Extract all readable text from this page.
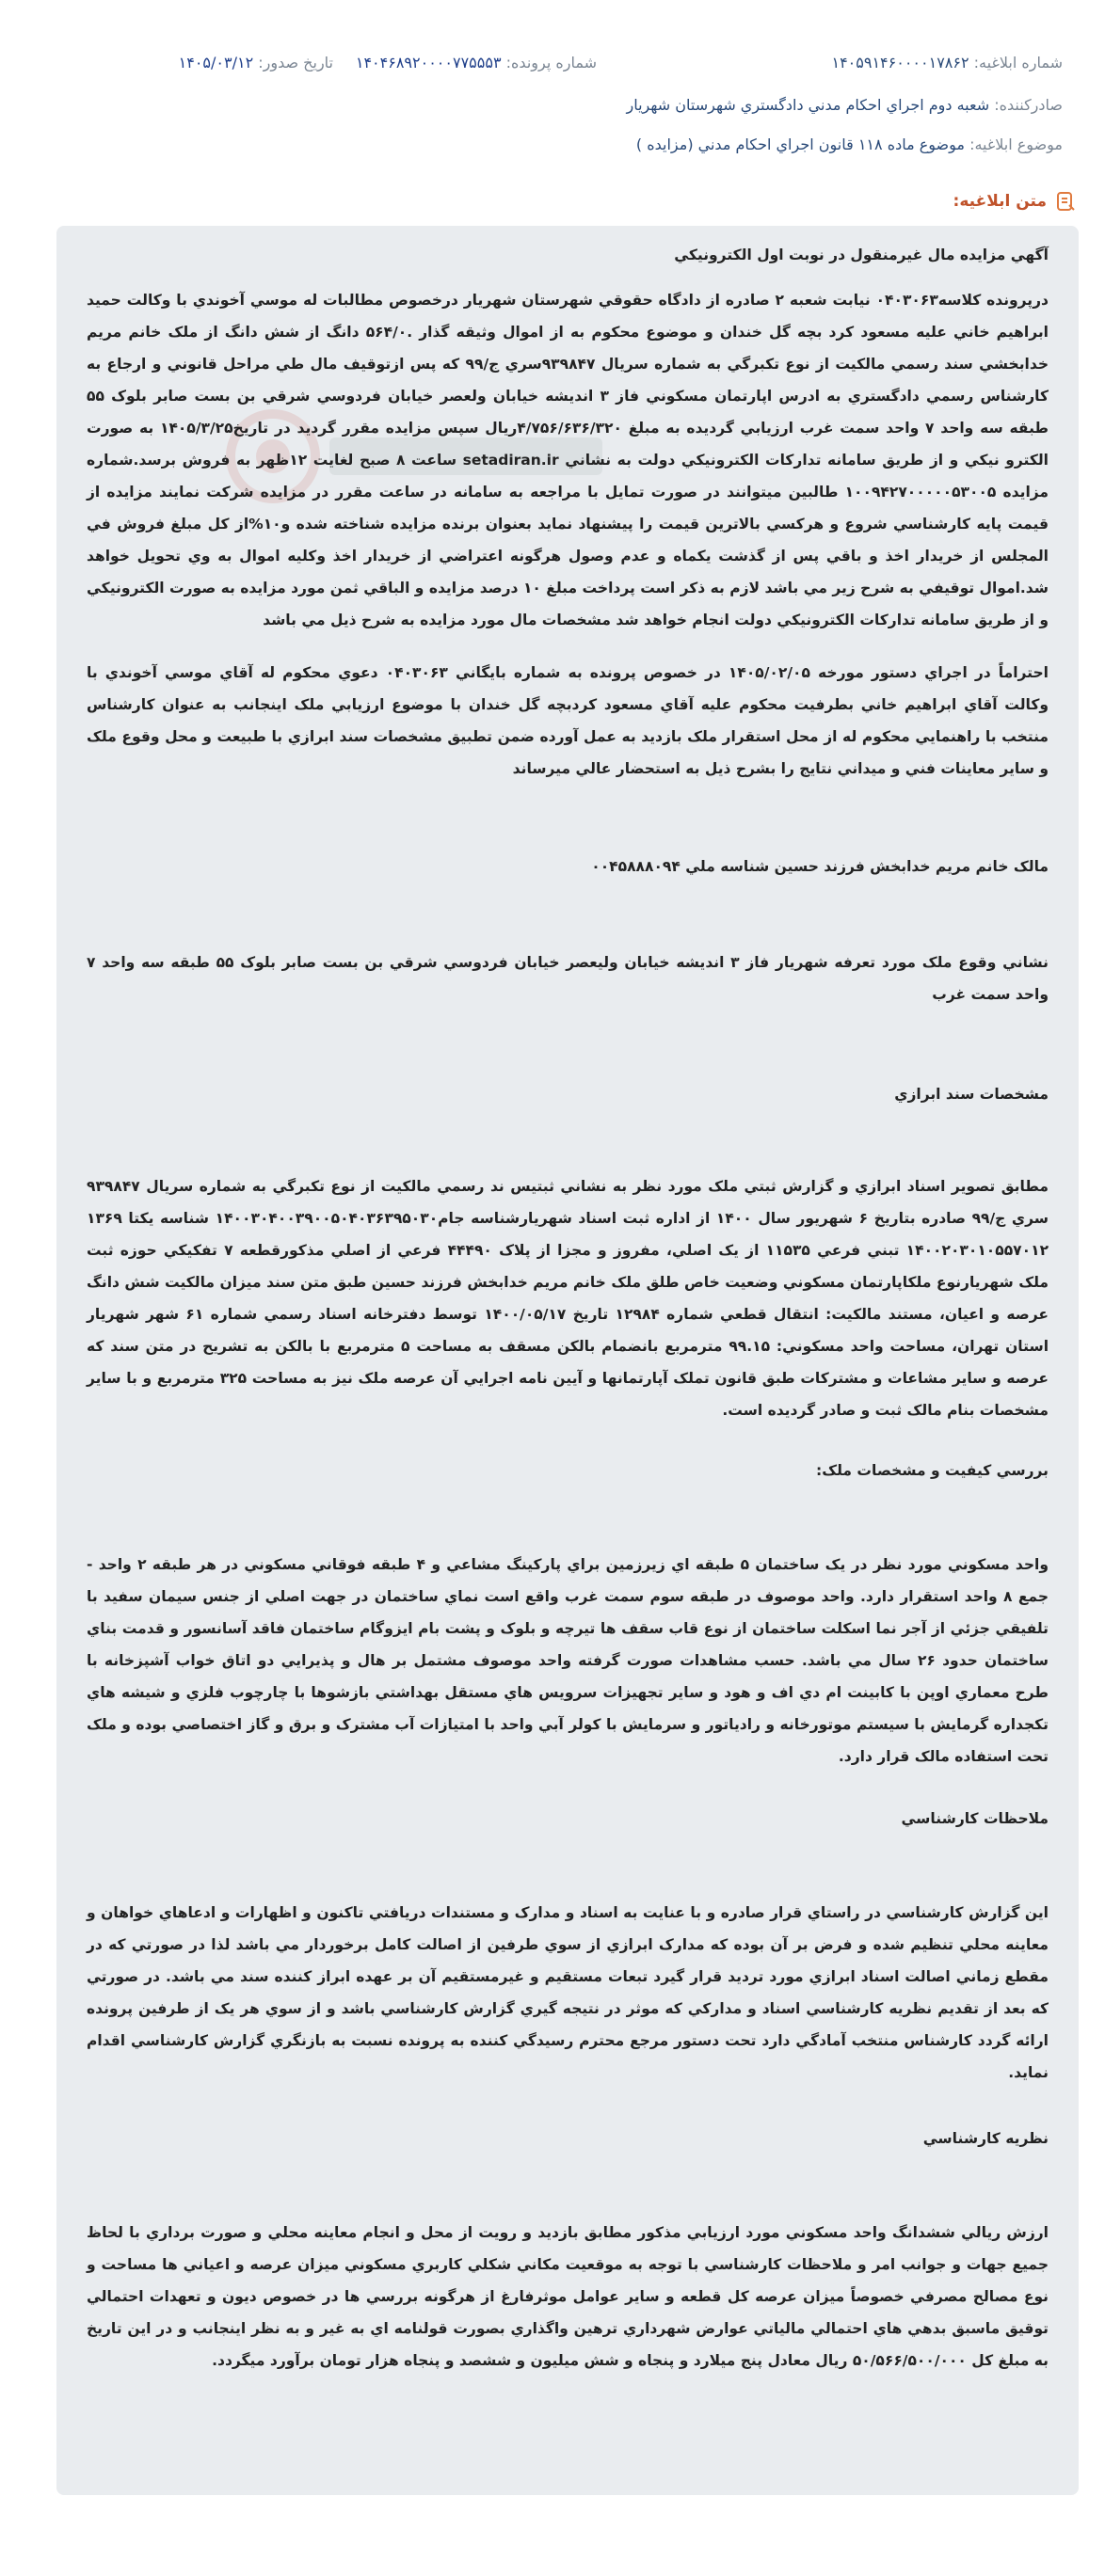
شماره ابلاغيه: ۱۴۰۵۹۱۴۶۰۰۰۰۱۷۸۶۲
شماره پرونده: ۱۴۰۴۶۸۹۲۰۰۰۰۷۷۵۵۵۳
تاريخ صدور: ۱۴۰۵/۰۳/۱۲
صادرکننده: شعبه دوم اجراي احکام مدني دادگستري شهرستان شهريار
موضوع ابلاغيه: موضوع ماده ۱۱۸ قانون اجراي احکام مدني (مزايده )
متن ابلاغيه:
آگهي مزايده مال غيرمنقول در نوبت اول الکترونيکي
درپرونده کلاسه۰۴۰۳۰۶۳ نيابت شعبه ۲ صادره از دادگاه حقوقي شهرستان شهريار درخصوص مطالبات له موسي آخوندي با وکالت حميد ابراهيم خاني عليه مسعود کرد بچه گل خندان و موضوع محکوم به از اموال وثيقه گذار .۵۶۴/۰ دانگ از شش دانگ از ملک خانم مريم خدابخشي سند رسمي مالکيت از نوع تکبرگي به شماره سريال ۹۳۹۸۴۷سري ج/۹۹ که پس ازتوقيف مال طي مراحل قانوني و ارجاع به کارشناس رسمي دادگستري به ادرس اپارتمان مسکوني فاز ۳ انديشه خيابان ولعصر خيابان فردوسي شرقي بن بست صابر بلوک ۵۵ طبقه سه واحد ۷ واحد سمت غرب ارزيابي گرديده به مبلغ ۴/۷۵۶/۶۳۶/۳۲۰ريال سپس مزايده مقرر گرديد در تاريخ۱۴۰۵/۳/۲۵ به صورت الکترو نيکي و از طريق سامانه تدارکات الکترونيکي دولت به نشاني setadiran.ir ساعت ۸ صبح لغايت ۱۲ظهر به فروش برسد.شماره مزايده ۱۰۰۹۴۲۷۰۰۰۰۰۵۳۰۰۵ طالبين ميتوانند در صورت تمايل با مراجعه به سامانه در ساعت مقرر در مزايده شرکت نمايند مزايده از قيمت پايه کارشناسي شروع و هرکسي بالاترين قيمت را پيشنهاد نمايد بعنوان برنده مزايده شناخته شده و۱۰%از کل مبلغ فروش في المجلس از خريدار اخذ و باقي پس از گذشت يکماه و عدم وصول هرگونه اعتراضي از خريدار اخذ وکليه اموال به وي تحويل خواهد شد.اموال توقيفي به شرح زير مي باشد لازم به ذکر است پرداخت مبلغ ۱۰ درصد مزايده و الباقي ثمن مورد مزايده به صورت الکترونيکي و از طريق سامانه تدارکات الکترونيکي دولت انجام خواهد شد مشخصات مال مورد مزايده به شرح ذيل مي باشد
احتراماً در اجراي دستور مورخه ۱۴۰۵/۰۲/۰۵ در خصوص پرونده به شماره بايگاني ۰۴۰۳۰۶۳ دعوي محکوم له آقاي موسي آخوندي با وکالت آقاي ابراهيم خاني بطرفيت محکوم عليه آقاي مسعود کردبچه گل خندان با موضوع ارزيابي ملک اينجانب به عنوان کارشناس منتخب با راهنمايي محکوم له از محل استقرار ملک بازديد به عمل آورده ضمن تطبيق مشخصات سند ابرازي با طبيعت و محل وقوع ملک و ساير معاينات فني و ميداني نتايج را بشرح ذيل به استحضار عالي ميرساند
مالک خانم مريم خدابخش فرزند حسين شناسه ملي ۰۰۴۵۸۸۸۰۹۴
نشاني وقوع ملک مورد تعرفه شهريار فاز ۳ انديشه خيابان وليعصر خيابان فردوسي شرقي بن بست صابر بلوک ۵۵ طبقه سه واحد ۷ واحد سمت غرب
مشخصات سند ابرازي
مطابق تصوير اسناد ابرازي و گزارش ثبتي ملک مورد نظر به نشاني ثبتيس ند رسمي مالکيت از نوع تکبرگي به شماره سريال ۹۳۹۸۴۷ سري ج/۹۹ صادره بتاريخ ۶ شهريور سال ۱۴۰۰ از اداره ثبت اسناد شهريارشناسه جام۱۴۰۰۳۰۴۰۰۳۹۰۰۵۰۴۰۳۶۳۹۵۰۳۰ شناسه يکتا ۱۳۶۹ ۱۴۰۰۲۰۳۰۱۰۵۵۷۰۱۲ تبني فرعي ۱۱۵۳۵ از يک اصلي، مفروز و مجزا از پلاک ۴۴۴۹۰ فرعي از اصلي مذکورقطعه ۷ تفکيکي حوزه ثبت ملک شهريارنوع ملکاپارتمان مسکوني وضعيت خاص طلق ملک خانم مريم خدابخش فرزند حسين طبق متن سند ميزان مالکيت شش دانگ عرصه و اعيان، مستند مالکيت: انتقال قطعي شماره ۱۲۹۸۴ تاريخ ۱۴۰۰/۰۵/۱۷ توسط دفترخانه اسناد رسمي شماره ۶۱ شهر شهريار استان تهران، مساحت واحد مسکوني: ۹۹.۱۵ مترمربع بانضمام بالکن مسقف به مساحت ۵ مترمربع با بالکن به تشريح در متن سند که عرصه و ساير مشاعات و مشترکات طبق قانون تملک آپارتمانها و آيين نامه اجرايي آن عرصه ملک نيز به مساحت ۳۲۵ مترمربع و با ساير مشخصات بنام مالک ثبت و صادر گرديده است.
بررسي کيفيت و مشخصات ملک:
واحد مسکوني مورد نظر در يک ساختمان ۵ طبقه اي زيرزمين براي پارکينگ مشاعي و ۴ طبقه فوقاني مسکوني در هر طبقه ۲ واحد - جمع ۸ واحد استقرار دارد. واحد موصوف در طبقه سوم سمت غرب واقع است نماي ساختمان در جهت اصلي از جنس سيمان سفيد با تلفيقي جزئي از آجر نما اسکلت ساختمان از نوع قاب سقف ها تيرچه و بلوک و پشت بام ايزوگام ساختمان فاقد آسانسور و قدمت بناي ساختمان حدود ۲۶ سال مي باشد. حسب مشاهدات صورت گرفته واحد موصوف مشتمل بر هال و پذيرايي دو اتاق خواب آشپزخانه با طرح معماري اوپن با کابينت ام دي اف و هود و ساير تجهيزات سرويس هاي مستقل بهداشتي بازشوها با چارچوب فلزي و شيشه هاي تکجداره گرمايش با سيستم موتورخانه و رادياتور و سرمايش با کولر آبي واحد با امتيازات آب مشترک و برق و گاز اختصاصي بوده و ملک تحت استفاده مالک قرار دارد.
ملاحظات کارشناسي
اين گزارش کارشناسي در راستاي قرار صادره و با عنايت به اسناد و مدارک و مستندات دريافتي تاکنون و اظهارات و ادعاهاي خواهان و معاينه محلي تنظيم شده و فرض بر آن بوده که مدارک ابرازي از سوي طرفين از اصالت کامل برخوردار مي باشد لذا در صورتي که در مقطع زماني اصالت اسناد ابرازي مورد ترديد قرار گيرد تبعات مستقيم و غيرمستقيم آن بر عهده ابراز کننده سند مي باشد. در صورتي که بعد از تقديم نظريه کارشناسي اسناد و مدارکي که موثر در نتيجه گيري گزارش کارشناسي باشد و از سوي هر يک از طرفين پرونده ارائه گردد کارشناس منتخب آمادگي دارد تحت دستور مرجع محترم رسيدگي کننده به پرونده نسبت به بازنگري گزارش کارشناسي اقدام نمايد.
نظريه کارشناسي
ارزش ريالي ششدانگ واحد مسکوني مورد ارزيابي مذکور مطابق بازديد و رويت از محل و انجام معاينه محلي و صورت برداري با لحاظ جميع جهات و جوانب امر و ملاحظات کارشناسي با توجه به موقعيت مکاني شکلي کاربري مسکوني ميزان عرصه و اعياني ها مساحت و نوع مصالح مصرفي خصوصاً ميزان عرصه کل قطعه و ساير عوامل موثرفارغ از هرگونه بررسي ها در خصوص ديون و تعهدات احتمالي توقيق ماسبق بدهي هاي احتمالي مالياتي عوارض شهرداري ترهين واگذاري بصورت قولنامه اي به غير و به نظر اينجانب و در اين تاريخ به مبلغ کل ۵۰/۵۶۶/۵۰۰/۰۰۰ ريال معادل پنج ميلارد و پنجاه و شش ميليون و ششصد و پنجاه هزار تومان برآورد ميگردد.
